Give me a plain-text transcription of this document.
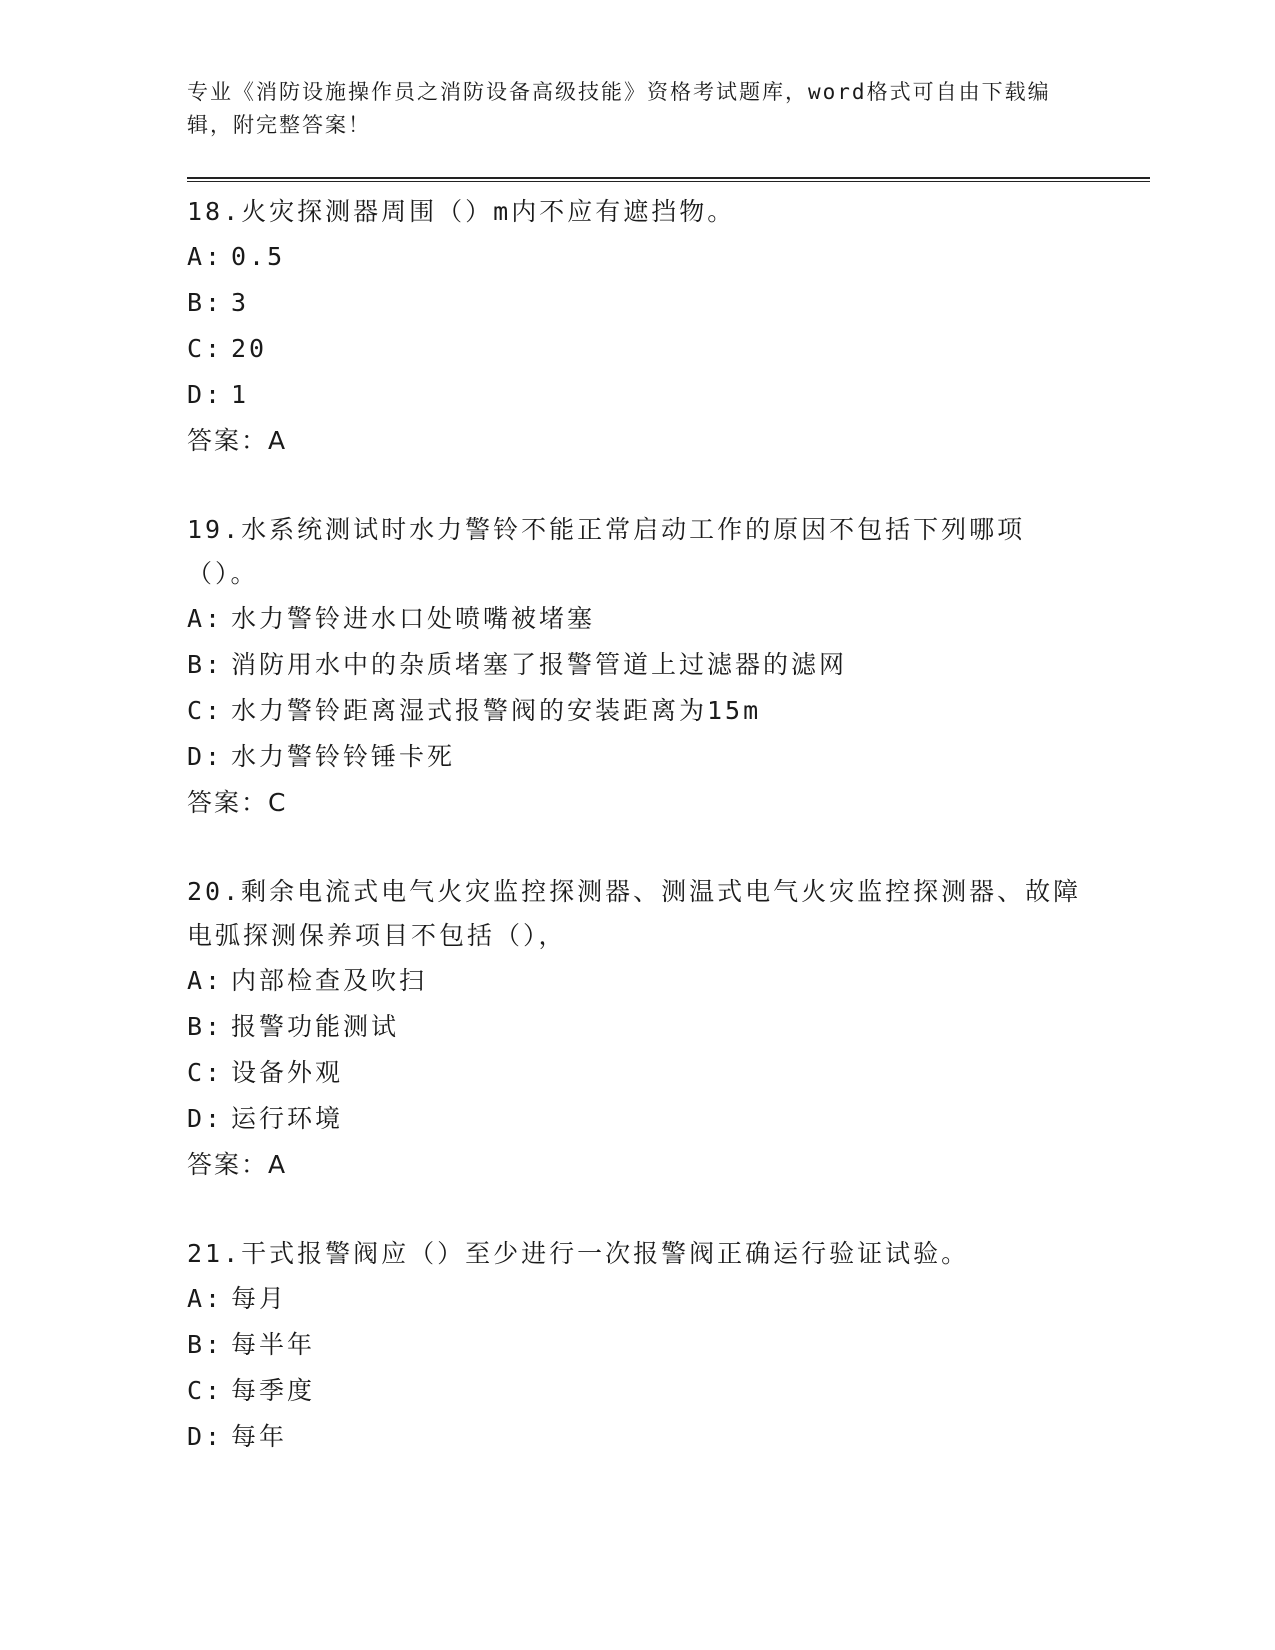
专业《消防设施操作员之消防设备高级技能》资格考试题库，word格式可自由下载编辑，附完整答案！
18.火灾探测器周围（）m内不应有遮挡物。
A: 0.5
B: 3
C: 20
D: 1
答案：A
19.水系统测试时水力警铃不能正常启动工作的原因不包括下列哪项（）。
A: 水力警铃进水口处喷嘴被堵塞
B: 消防用水中的杂质堵塞了报警管道上过滤器的滤网
C: 水力警铃距离湿式报警阀的安装距离为15m
D: 水力警铃铃锤卡死
答案：C
20.剩余电流式电气火灾监控探测器、测温式电气火灾监控探测器、故障电弧探测保养项目不包括（），
A: 内部检查及吹扫
B: 报警功能测试
C: 设备外观
D: 运行环境
答案：A
21.干式报警阀应（）至少进行一次报警阀正确运行验证试验。
A: 每月
B: 每半年
C: 每季度
D: 每年
